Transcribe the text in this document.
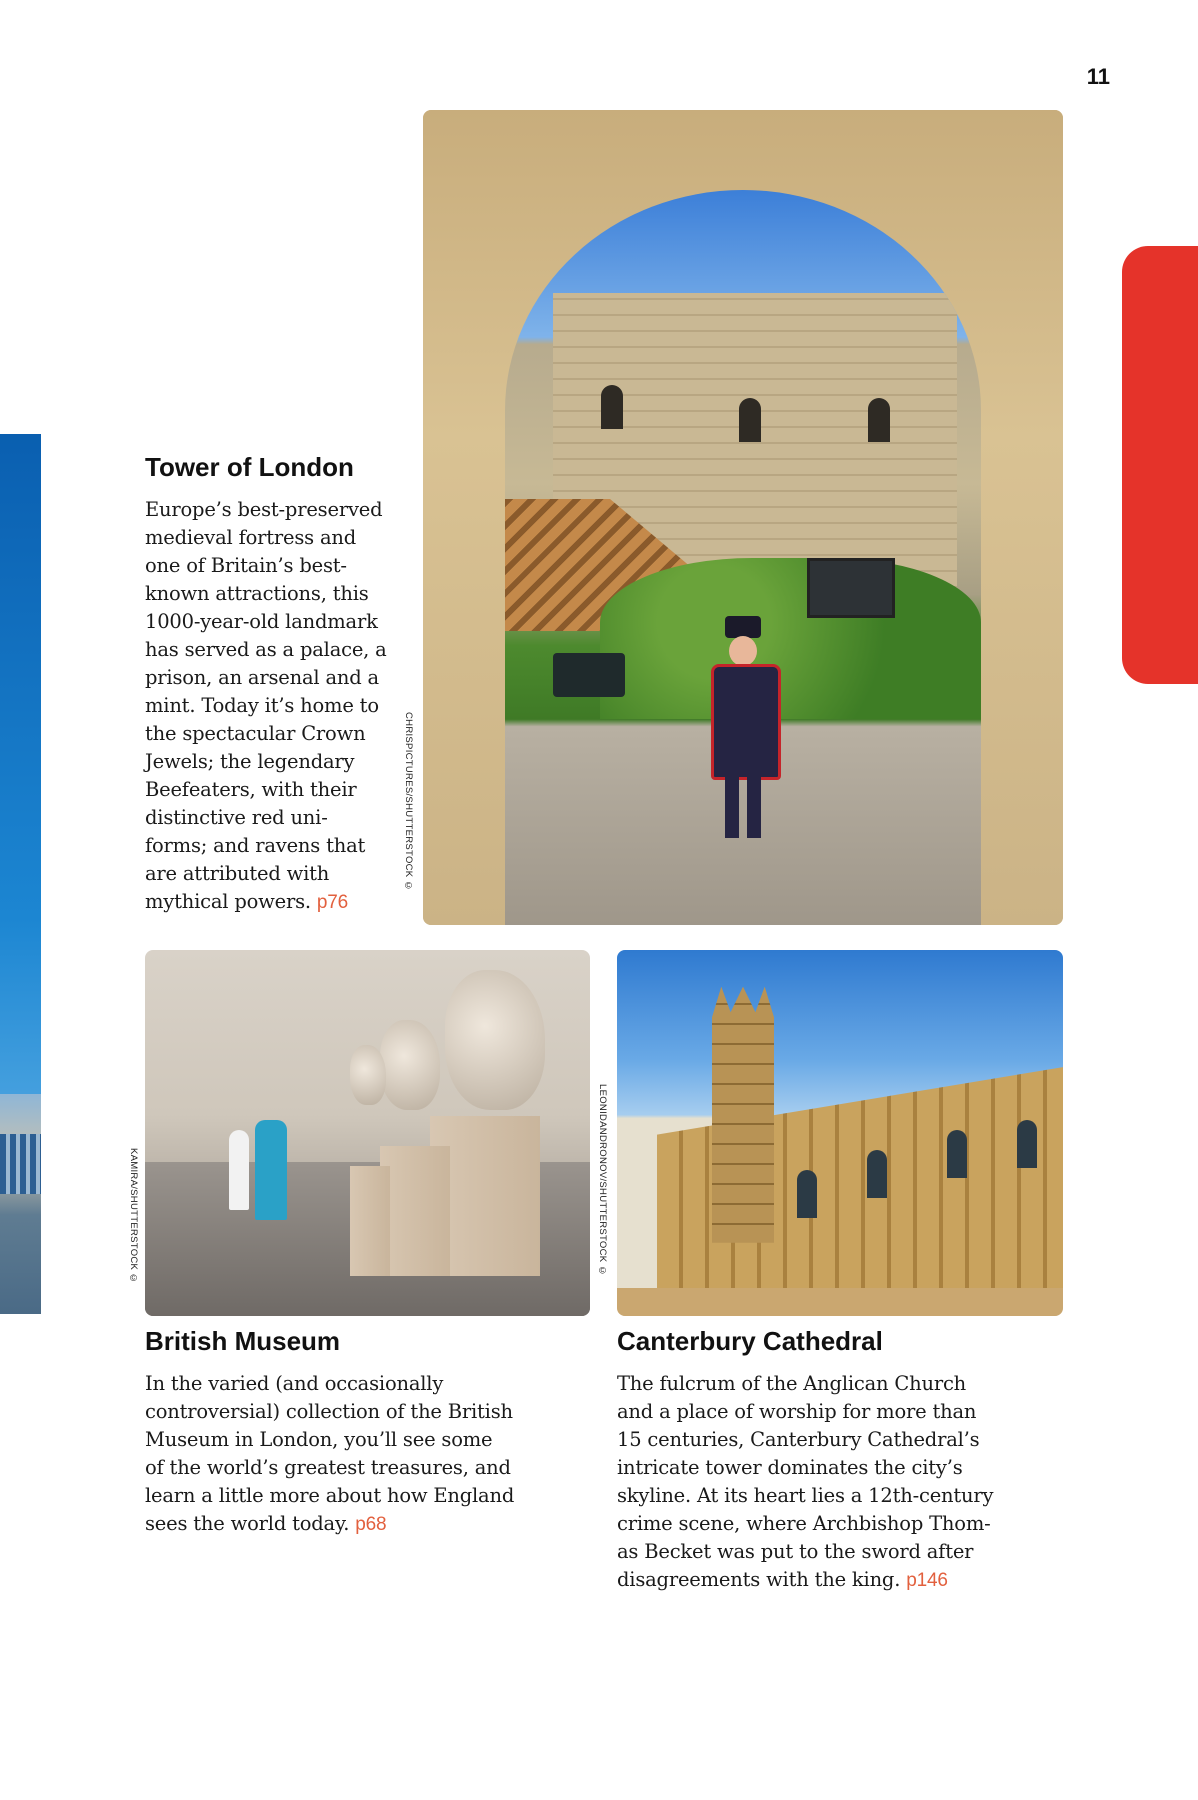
11
CHRISPICTURES/SHUTTERSTOCK ©
Tower of London

Europe’s best-preserved
medieval fortress and
one of Britain’s best-
known attractions, this
1000-year-old landmark
has served as a palace, a
prison, an arsenal and a
mint. Today it’s home to
the spectacular Crown
Jewels; the legendary
Beefeaters, with their
distinctive red uni-
forms; and ravens that
are attributed with
mythical powers. p76

KAMIRA/SHUTTERSTOCK ©	LEONIDANDRONOV/SHUTTERSTOCK ©
British Museum

In the varied (and occasionally
controversial) collection of the British
Museum in London, you’ll see some
of the world’s greatest treasures, and
learn a little more about how England
sees the world today. p68

Canterbury Cathedral

The fulcrum of the Anglican Church
and a place of worship for more than
15 centuries, Canterbury Cathedral’s
intricate tower dominates the city’s
skyline. At its heart lies a 12th-century
crime scene, where Archbishop Thom-
as Becket was put to the sword after
disagreements with the king. p146
